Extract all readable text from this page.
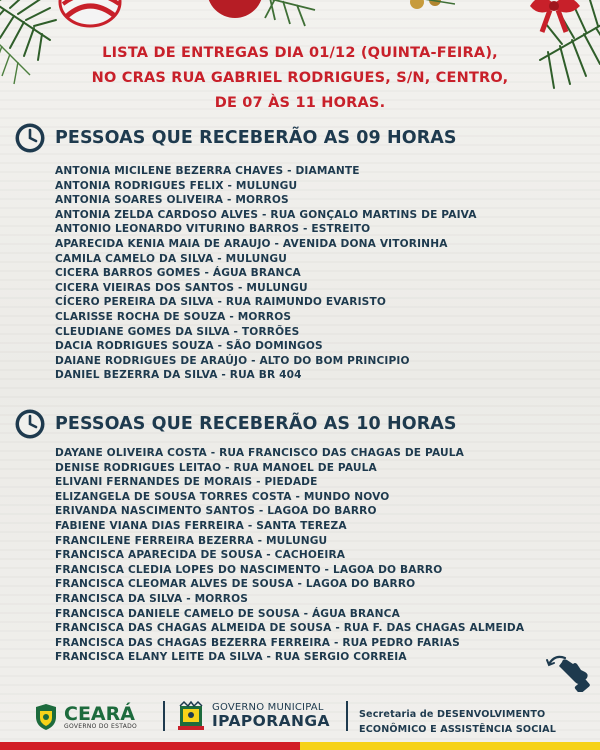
LISTA DE ENTREGAS DIA 01/12 (QUINTA-FEIRA),
NO CRAS RUA GABRIEL RODRIGUES, S/N, CENTRO,
DE 07 ÀS 11 HORAS.
PESSOAS QUE RECEBERÃO AS 09 HORAS
ANTONIA MICILENE BEZERRA CHAVES - DIAMANTE
ANTONIA RODRIGUES FELIX - MULUNGU
ANTONIA SOARES OLIVEIRA - MORROS
ANTONIA ZELDA CARDOSO ALVES - RUA GONÇALO MARTINS DE PAIVA
ANTONIO LEONARDO VITURINO BARROS - ESTREITO
APARECIDA KENIA MAIA DE ARAUJO - AVENIDA DONA VITORINHA
CAMILA CAMELO DA SILVA - MULUNGU
CICERA BARROS GOMES - ÁGUA BRANCA
CICERA VIEIRAS DOS SANTOS - MULUNGU
CÍCERO PEREIRA DA SILVA - RUA RAIMUNDO EVARISTO
CLARISSE ROCHA DE SOUZA - MORROS
CLEUDIANE GOMES DA SILVA - TORRÕES
DACIA RODRIGUES SOUZA - SÃO DOMINGOS
DAIANE RODRIGUES DE ARAÚJO - ALTO DO BOM PRINCIPIO
DANIEL BEZERRA DA SILVA - RUA BR 404
PESSOAS QUE RECEBERÃO AS 10 HORAS
DAYANE OLIVEIRA COSTA - RUA FRANCISCO DAS CHAGAS DE PAULA
DENISE RODRIGUES LEITAO - RUA MANOEL DE PAULA
ELIVANI FERNANDES DE MORAIS - PIEDADE
ELIZANGELA DE SOUSA TORRES COSTA - MUNDO NOVO
ERIVANDA NASCIMENTO SANTOS - LAGOA DO BARRO
FABIENE VIANA DIAS FERREIRA - SANTA TEREZA
FRANCILENE FERREIRA BEZERRA - MULUNGU
FRANCISCA APARECIDA DE SOUSA - CACHOEIRA
FRANCISCA CLEDIA LOPES DO NASCIMENTO - LAGOA DO BARRO
FRANCISCA CLEOMAR ALVES DE SOUSA - LAGOA DO BARRO
FRANCISCA DA SILVA - MORROS
FRANCISCA DANIELE CAMELO DE SOUSA - ÁGUA BRANCA
FRANCISCA DAS CHAGAS ALMEIDA DE SOUSA - RUA F. DAS CHAGAS ALMEIDA
FRANCISCA DAS CHAGAS BEZERRA FERREIRA - RUA PEDRO FARIAS
FRANCISCA ELANY LEITE DA SILVA - RUA SERGIO CORREIA
CEARÁ
GOVERNO DO ESTADO
GOVERNO MUNICIPAL
IPAPORANGA	Secretaria de DESENVOLVIMENTO
ECONÔMICO E ASSISTÊNCIA SOCIAL
